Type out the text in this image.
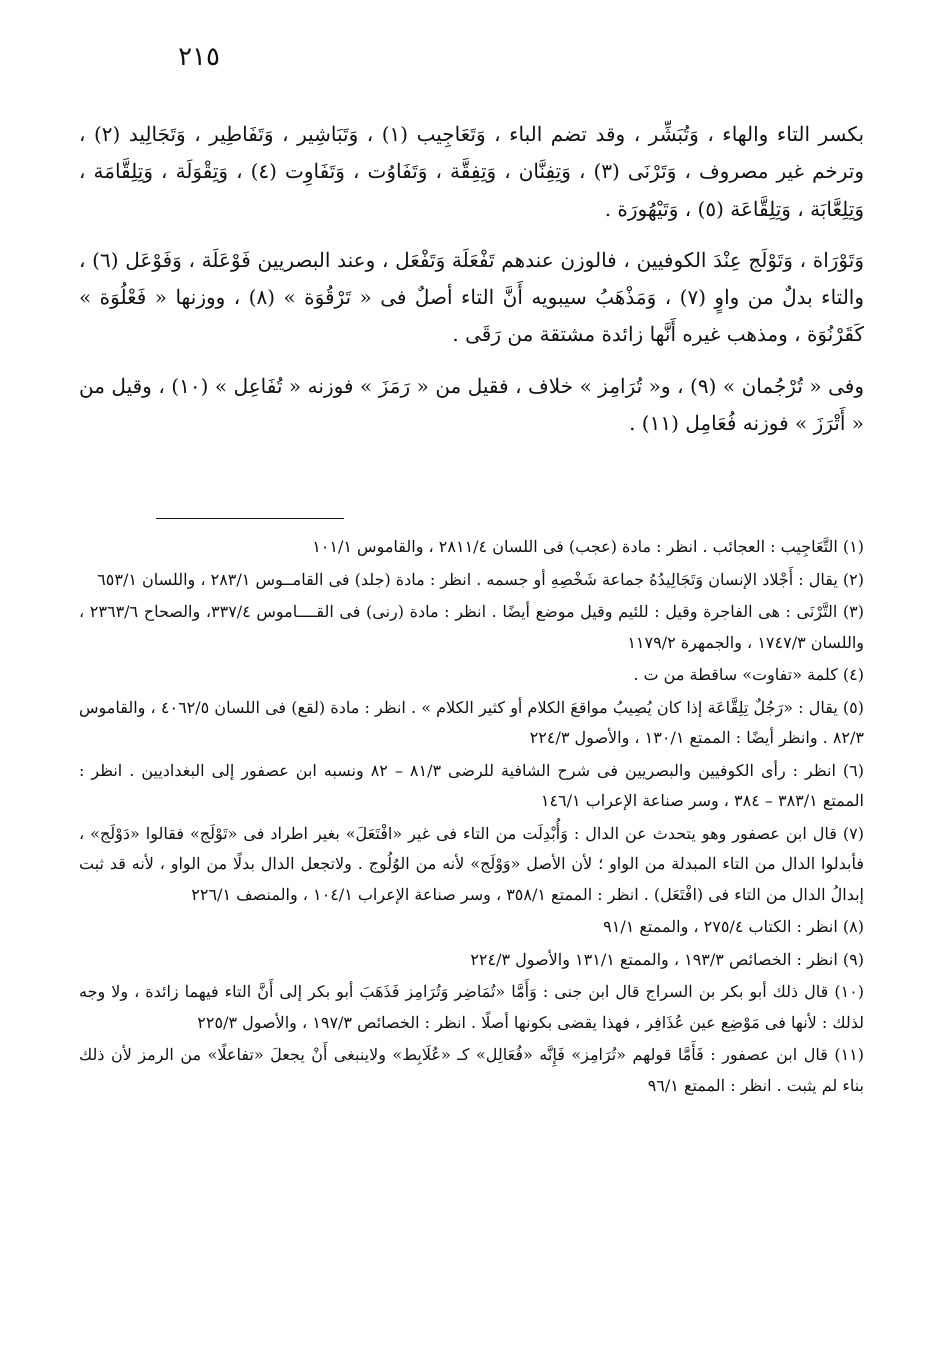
٢١٥

بكسر التاء والهاء ، وَتُبَشِّر ، وقد تضم الباء ، وَتَعَاجِيب (١) ، وَتَبَاشِير ، وَتَفَاطِير ، وَتَجَالِيد (٢) ، وترخم غير مصروف ، وَتَرْنَى (٣) ، وَتِفِنَّان ، وَتِفِقَّة ، وَتَفَاوُت ، وَتَفَاوِت (٤) ، وَتِقْوَلَة ، وَتِلِقَّامَة ، وَتِلِعَّابَة ، وَتِلِقَّاعَة (٥) ، وَتَيْهُورَة .

وَتَوْرَاة ، وَتَوْلَج عِنْدَ الكوفيين ، فالوزن عندهم تَفْعَلَة وَتَفْعَل ، وعند البصريين فَوْعَلَة ، وَفَوْعَل (٦) ، والتاء بدلٌ من واوٍ (٧) ، وَمَذْهَبُ سيبويه أَنَّ التاء أصلٌ فى « تَرْقُوَة » (٨) ، ووزنها « فَعْلُوَة » كَقَرْنُوَة ، ومذهب غيره أَنَّها زائدة مشتقة من رَقَى .

وفى « تُرْجُمان » (٩) ، و« تُرَامِز » خلاف ، فقيل من « رَمَزَ » فوزنه « تُفَاعِل » (١٠) ، وقيل من « أَتْرَزَ » فوزنه فُعَامِل (١١) .

(١) التَّعَاجِيب : العجائب . انظر : مادة (عجب) فى اللسان ٢٨١١/٤ ، والقاموس ١٠١/١

(٢) يقال : أَجْلاد الإنسان وَتَجَالِيدُهُ جماعة شَخْصِهِ أو جسمه . انظر : مادة (جلد) فى القامــوس ٢٨٣/١ ، واللسان ٦٥٣/١

(٣) التَّرْنَى : هى الفاجرة وقيل : للئيم وقيل موضع أيضًا . انظر : مادة (رنى) فى القــــاموس ٣٣٧/٤، والصحاح ٢٣٦٣/٦ ، واللسان ١٧٤٧/٣ ، والجمهرة ١١٧٩/٢

(٤) كلمة «تفاوت» ساقطة من ت .

(٥) يقال : «رَجُلٌ تِلِقَّاعَة إذا كان يُصِيبُ مواقعَ الكلام أو كثير الكلام » . انظر : مادة (لقع) فى اللسان ٤٠٦٢/٥ ، والقاموس ٨٢/٣ . وانظر أيضًا : الممتع ١٣٠/١ ، والأصول ٢٢٤/٣

(٦) انظر : رأى الكوفيين والبصريين فى شرح الشافية للرضى ٨١/٣ – ٨٢ ونسبه ابن عصفور إلى البغداديين . انظر : الممتع ٣٨٣/١ – ٣٨٤ ، وسر صناعة الإعراب ١٤٦/١

(٧) قال ابن عصفور وهو يتحدث عن الدال : وَأُبْدِلَت من التاء فى غير «افْتَعَلَ» بغير اطراد فى «تَوْلَج» فقالوا «دَوْلَج» ، فأبدلوا الدال من التاء المبدلة من الواو ؛ لأن الأصل «وَوْلَج» لأنه من الوُلُوج . ولاتجعل الدال بدلًا من الواو ، لأنه قد ثبت إبدالُ الدال من التاء فى (افْتَعَل) . انظر : الممتع ٣٥٨/١ ، وسر صناعة الإعراب ١٠٤/١ ، والمنصف ٢٢٦/١

(٨) انظر : الكتاب ٢٧٥/٤ ، والممتع ٩١/١

(٩) انظر : الخصائص ١٩٣/٣ ، والممتع ١٣١/١ والأصول ٢٢٤/٣

(١٠) قال ذلك أبو بكر بن السراج قال ابن جنى : وَأَمَّا «تُمَاضِر وَتُرَامِز فَذَهَبَ أبو بكر إلى أَنَّ التاء فيهما زائدة ، ولا وجه لذلك : لأنها فى مَوْضِع عين عُذَافِر ، فهذا يقضى بكونها أصلًا . انظر : الخصائص ١٩٧/٣ ، والأصول ٢٢٥/٣

(١١) قال ابن عصفور : فَأَمَّا قولهم «تُرَامِز» فَإِنَّه «فُعَالِل» كـ «عُلَابِط» ولاينبغى أَنْ يجعلَ «تفاعلًا» من الرمز لأن ذلك بناء لم يثبت . انظر : الممتع ٩٦/١
